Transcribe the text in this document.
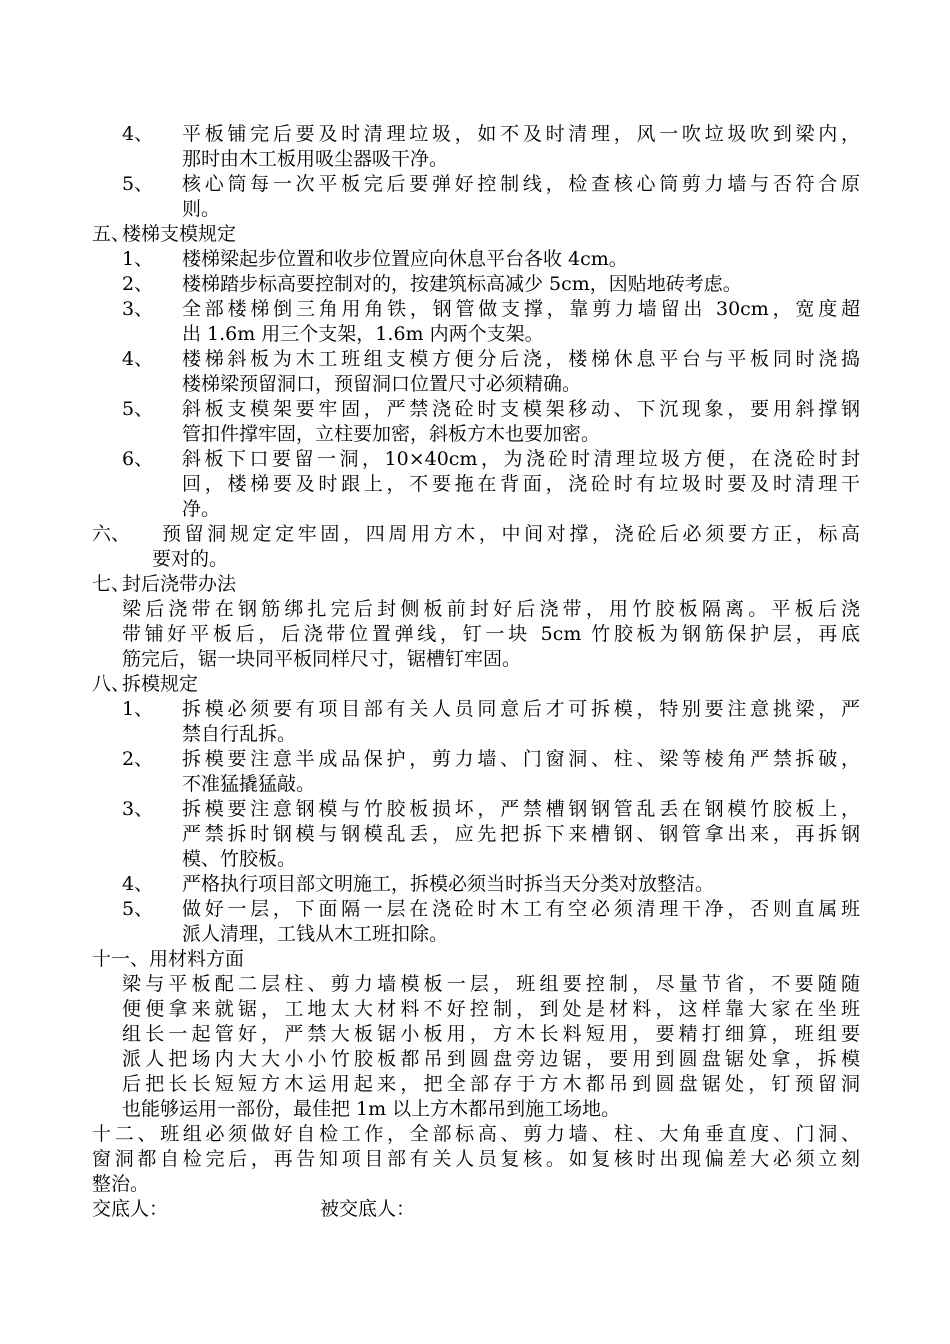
4、 平板铺完后要及时清理垃圾，如不及时清理，风一吹垃圾吹到梁内，
那时由木工板用吸尘器吸干净。
5、 核心筒每一次平板完后要弹好控制线，检查核心筒剪力墙与否符合原
则。
五、
楼梯支模规定
1、 楼梯梁起步位置和收步位置应向休息平台各收 4cm。
2、 楼梯踏步标高要控制对的，按建筑标高减少 5cm，因贴地砖考虑。
3、 全部楼梯倒三角用角铁，钢管做支撑，靠剪力墙留出 30cm，宽度超
出 1.6m 用三个支架，1.6m 内两个支架。
4、 楼梯斜板为木工班组支模方便分后浇，楼梯休息平台与平板同时浇捣
楼梯梁预留洞口，预留洞口位置尺寸必须精确。
5、 斜板支模架要牢固，严禁浇砼时支模架移动、下沉现象，要用斜撑钢
管扣件撑牢固，立柱要加密，斜板方木也要加密。
6、 斜板下口要留一洞，10×40cm，为浇砼时清理垃圾方便，在浇砼时封
回，楼梯要及时跟上，不要拖在背面，浇砼时有垃圾时要及时清理干
净。
六、 预留洞规定定牢固，四周用方木，中间对撑，浇砼后必须要方正，标高
要对的。
七、
封后浇带办法
梁后浇带在钢筋绑扎完后封侧板前封好后浇带，用竹胶板隔离。平板后浇
带铺好平板后，后浇带位置弹线，钉一块 5cm 竹胶板为钢筋保护层，再底
筋完后，锯一块同平板同样尺寸，锯槽钉牢固。
八、
拆模规定
1、 拆模必须要有项目部有关人员同意后才可拆模，特别要注意挑梁，严
禁自行乱拆。
2、 拆模要注意半成品保护，剪力墙、门窗洞、柱、梁等棱角严禁拆破，
不准猛撬猛敲。
3、 拆模要注意钢模与竹胶板损坏，严禁槽钢钢管乱丢在钢模竹胶板上，
严禁拆时钢模与钢模乱丢，应先把拆下来槽钢、钢管拿出来，再拆钢
模、竹胶板。
4、 严格执行项目部文明施工，拆模必须当时拆当天分类对放整洁。
5、 做好一层，下面隔一层在浇砼时木工有空必须清理干净，否则直属班
派人清理，工钱从木工班扣除。
十一、用材料方面
梁与平板配二层柱、剪力墙模板一层，班组要控制，尽量节省，不要随随
便便拿来就锯，工地太大材料不好控制，到处是材料，这样靠大家在坐班
组长一起管好，严禁大板锯小板用，方木长料短用，要精打细算，班组要
派人把场内大大小小竹胶板都吊到圆盘旁边锯，要用到圆盘锯处拿，拆模
后把长长短短方木运用起来，把全部存于方木都吊到圆盘锯处，钉预留洞
也能够运用一部份，最佳把 1m 以上方木都吊到施工场地。
十二、班组必须做好自检工作，全部标高、剪力墙、柱、大角垂直度、门洞、
窗洞都自检完后，再告知项目部有关人员复核。如复核时出现偏差大必须立刻
整治。
交底人：	被交底人：
